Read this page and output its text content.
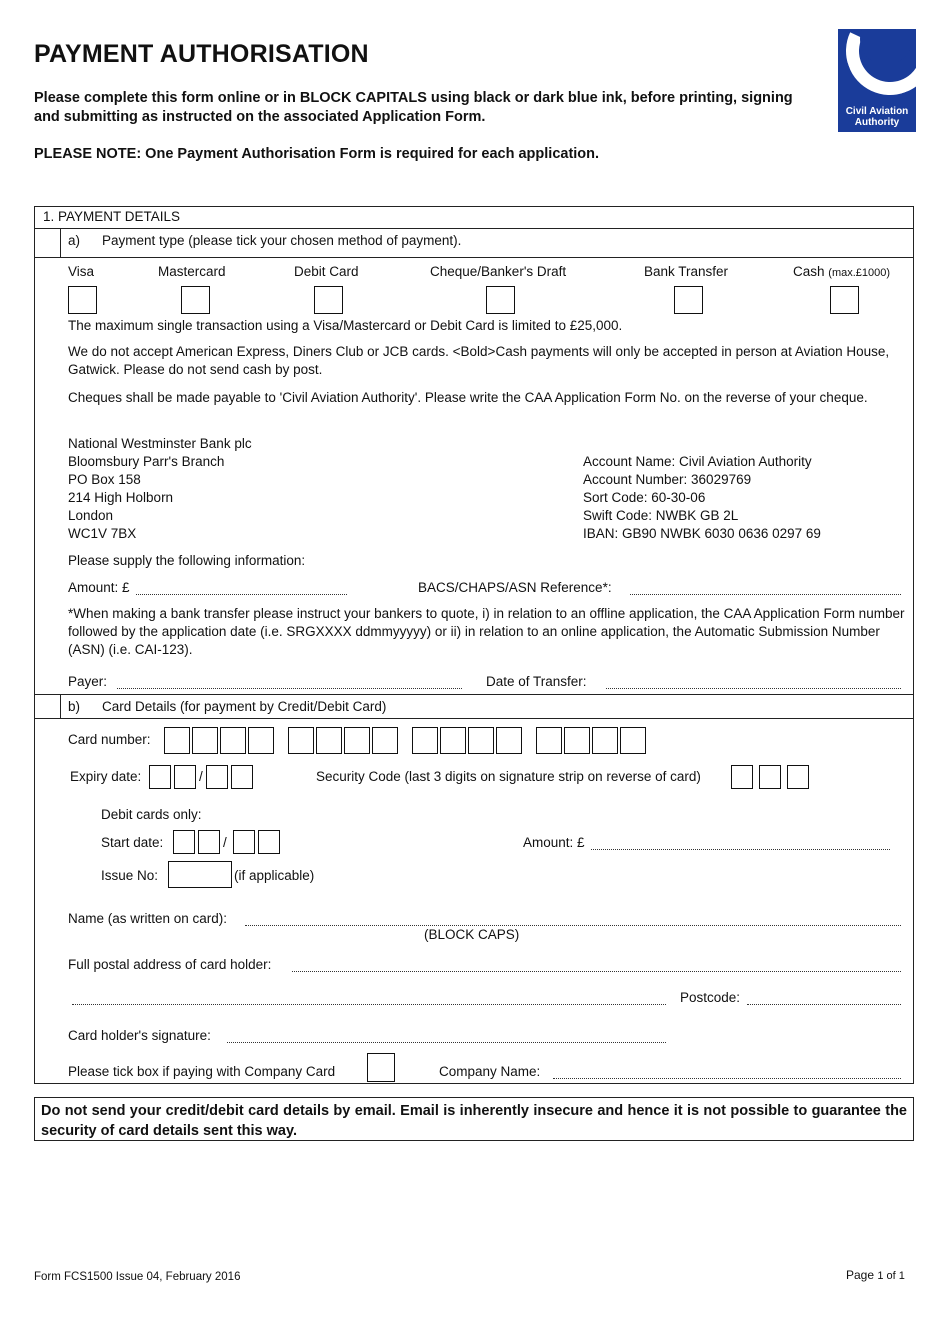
PAYMENT AUTHORISATION
Please complete this form online or in BLOCK CAPITALS using black or dark blue ink, before printing, signing and submitting as instructed on the associated Application Form.
PLEASE NOTE: One Payment Authorisation Form is required for each application.
Civil Aviation
Authority
1. PAYMENT DETAILS
a) Payment type (please tick your chosen method of payment).
Visa	Mastercard	Debit Card	Cheque/Banker's Draft	Bank Transfer	Cash (max.£1000)
The maximum single transaction using a Visa/Mastercard or Debit Card is limited to £25,000.
We do not accept American Express, Diners Club or JCB cards. <Bold>Cash payments will only be accepted in person at Aviation House, Gatwick. Please do not send cash by post.
Cheques shall be made payable to 'Civil Aviation Authority'. Please write the CAA Application Form No. on the reverse of your cheque.
National Westminster Bank plc
Bloomsbury Parr's Branch
PO Box 158
214 High Holborn
London
WC1V 7BX
Account Name: Civil Aviation Authority
Account Number: 36029769
Sort Code: 60-30-06
Swift Code: NWBK GB 2L
IBAN: GB90 NWBK 6030 0636 0297 69
Please supply the following information:
Amount: £	BACS/CHAPS/ASN Reference*:
*When making a bank transfer please instruct your bankers to quote, i) in relation to an offline application, the CAA Application Form number followed by the application date (i.e. SRGXXXX ddmmyyyyy) or ii) in relation to an online application, the Automatic Submission Number (ASN) (i.e. CAI-123).
Payer:	Date of Transfer:
b) Card Details (for payment by Credit/Debit Card)
Card number:
Expiry date:	/	Security Code (last 3 digits on signature strip on reverse of card)
Debit cards only:
Start date:	/	Amount: £
Issue No:	(if applicable)
Name (as written on card):
(BLOCK CAPS)
Full postal address of card holder:
Postcode:
Card holder's signature:
Please tick box if paying with Company Card	Company Name:
Do not send your credit/debit card details by email. Email is inherently insecure and hence it is not possible to guarantee the security of card details sent this way.
Form FCS1500 Issue 04, February 2016	Page 1 of 1
